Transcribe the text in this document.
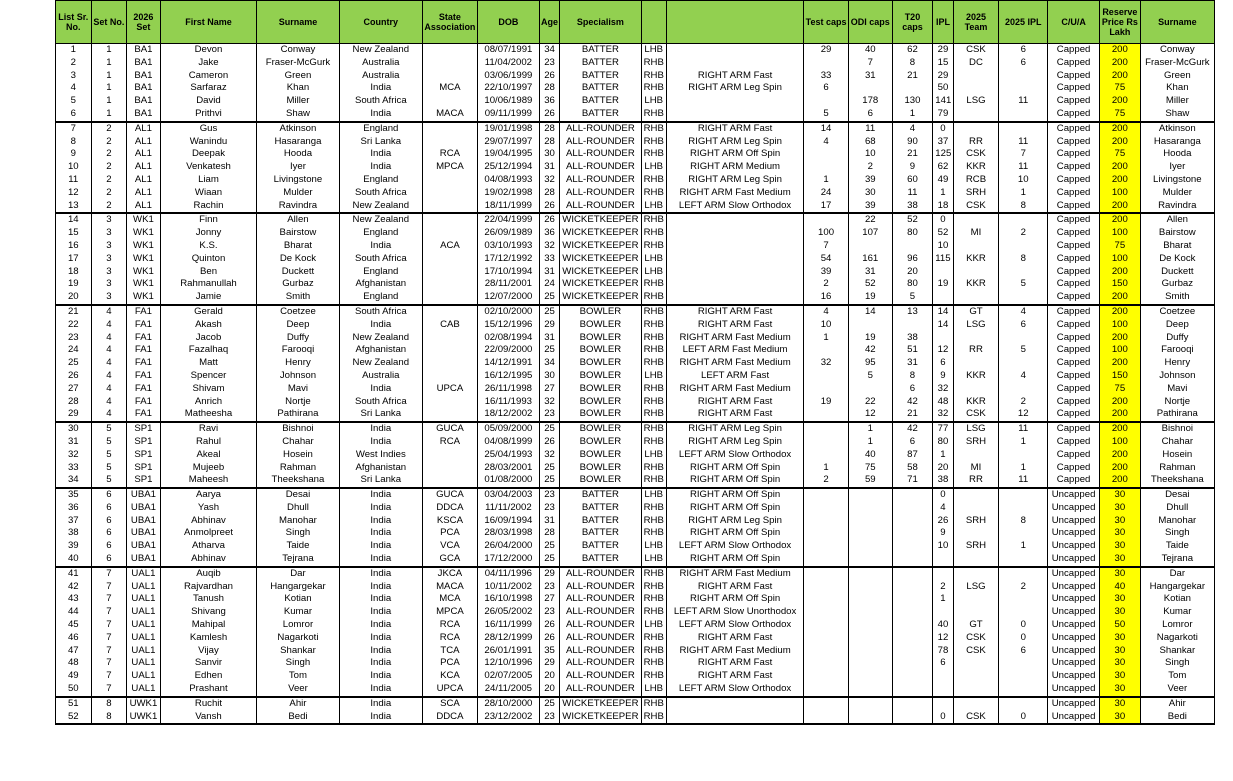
List Sr. No.	Set No.	2026 Set	First Name	Surname	Country	State Association	DOB	Age	Specialism			Test caps	ODI caps	T20 caps	IPL	2025 Team	2025 IPL	C/U/A	Reserve Price Rs Lakh	Surname
1	1	BA1	Devon	Conway	New Zealand		08/07/1991	34	BATTER	LHB		29	40	62	29	CSK	6	Capped	200	Conway
2	1	BA1	Jake	Fraser-McGurk	Australia		11/04/2002	23	BATTER	RHB			7	8	15	DC	6	Capped	200	Fraser-McGurk
3	1	BA1	Cameron	Green	Australia		03/06/1999	26	BATTER	RHB	RIGHT ARM Fast	33	31	21	29			Capped	200	Green
4	1	BA1	Sarfaraz	Khan	India	MCA	22/10/1997	28	BATTER	RHB	RIGHT ARM Leg Spin	6			50			Capped	75	Khan
5	1	BA1	David	Miller	South Africa		10/06/1989	36	BATTER	LHB			178	130	141	LSG	11	Capped	200	Miller
6	1	BA1	Prithvi	Shaw	India	MACA	09/11/1999	26	BATTER	RHB		5	6	1	79			Capped	75	Shaw
7	2	AL1	Gus	Atkinson	England		19/01/1998	28	ALL-ROUNDER	RHB	RIGHT ARM Fast	14	11	4	0			Capped	200	Atkinson
8	2	AL1	Wanindu	Hasaranga	Sri Lanka		29/07/1997	28	ALL-ROUNDER	RHB	RIGHT ARM Leg Spin	4	68	90	37	RR	11	Capped	200	Hasaranga
9	2	AL1	Deepak	Hooda	India	RCA	19/04/1995	30	ALL-ROUNDER	RHB	RIGHT ARM Off Spin		10	21	125	CSK	7	Capped	75	Hooda
10	2	AL1	Venkatesh	Iyer	India	MPCA	25/12/1994	31	ALL-ROUNDER	LHB	RIGHT ARM Medium		2	9	62	KKR	11	Capped	200	Iyer
11	2	AL1	Liam	Livingstone	England		04/08/1993	32	ALL-ROUNDER	RHB	RIGHT ARM Leg Spin	1	39	60	49	RCB	10	Capped	200	Livingstone
12	2	AL1	Wiaan	Mulder	South Africa		19/02/1998	28	ALL-ROUNDER	RHB	RIGHT ARM Fast Medium	24	30	11	1	SRH	1	Capped	100	Mulder
13	2	AL1	Rachin	Ravindra	New Zealand		18/11/1999	26	ALL-ROUNDER	LHB	LEFT ARM Slow Orthodox	17	39	38	18	CSK	8	Capped	200	Ravindra
14	3	WK1	Finn	Allen	New Zealand		22/04/1999	26	WICKETKEEPER	RHB			22	52	0			Capped	200	Allen
15	3	WK1	Jonny	Bairstow	England		26/09/1989	36	WICKETKEEPER	RHB		100	107	80	52	MI	2	Capped	100	Bairstow
16	3	WK1	K.S.	Bharat	India	ACA	03/10/1993	32	WICKETKEEPER	RHB		7			10			Capped	75	Bharat
17	3	WK1	Quinton	De Kock	South Africa		17/12/1992	33	WICKETKEEPER	LHB		54	161	96	115	KKR	8	Capped	100	De Kock
18	3	WK1	Ben	Duckett	England		17/10/1994	31	WICKETKEEPER	LHB		39	31	20				Capped	200	Duckett
19	3	WK1	Rahmanullah	Gurbaz	Afghanistan		28/11/2001	24	WICKETKEEPER	RHB		2	52	80	19	KKR	5	Capped	150	Gurbaz
20	3	WK1	Jamie	Smith	England		12/07/2000	25	WICKETKEEPER	RHB		16	19	5				Capped	200	Smith
21	4	FA1	Gerald	Coetzee	South Africa		02/10/2000	25	BOWLER	RHB	RIGHT ARM Fast	4	14	13	14	GT	4	Capped	200	Coetzee
22	4	FA1	Akash	Deep	India	CAB	15/12/1996	29	BOWLER	RHB	RIGHT ARM Fast	10			14	LSG	6	Capped	100	Deep
23	4	FA1	Jacob	Duffy	New Zealand		02/08/1994	31	BOWLER	RHB	RIGHT ARM Fast Medium	1	19	38				Capped	200	Duffy
24	4	FA1	Fazalhaq	Farooqi	Afghanistan		22/09/2000	25	BOWLER	RHB	LEFT ARM Fast Medium		42	51	12	RR	5	Capped	100	Farooqi
25	4	FA1	Matt	Henry	New Zealand		14/12/1991	34	BOWLER	RHB	RIGHT ARM Fast Medium	32	95	31	6			Capped	200	Henry
26	4	FA1	Spencer	Johnson	Australia		16/12/1995	30	BOWLER	LHB	LEFT ARM Fast		5	8	9	KKR	4	Capped	150	Johnson
27	4	FA1	Shivam	Mavi	India	UPCA	26/11/1998	27	BOWLER	RHB	RIGHT ARM Fast Medium			6	32			Capped	75	Mavi
28	4	FA1	Anrich	Nortje	South Africa		16/11/1993	32	BOWLER	RHB	RIGHT ARM Fast	19	22	42	48	KKR	2	Capped	200	Nortje
29	4	FA1	Matheesha	Pathirana	Sri Lanka		18/12/2002	23	BOWLER	RHB	RIGHT ARM Fast		12	21	32	CSK	12	Capped	200	Pathirana
30	5	SP1	Ravi	Bishnoi	India	GUCA	05/09/2000	25	BOWLER	RHB	RIGHT ARM Leg Spin		1	42	77	LSG	11	Capped	200	Bishnoi
31	5	SP1	Rahul	Chahar	India	RCA	04/08/1999	26	BOWLER	RHB	RIGHT ARM Leg Spin		1	6	80	SRH	1	Capped	100	Chahar
32	5	SP1	Akeal	Hosein	West Indies		25/04/1993	32	BOWLER	LHB	LEFT ARM Slow Orthodox		40	87	1			Capped	200	Hosein
33	5	SP1	Mujeeb	Rahman	Afghanistan		28/03/2001	25	BOWLER	RHB	RIGHT ARM Off Spin	1	75	58	20	MI	1	Capped	200	Rahman
34	5	SP1	Maheesh	Theekshana	Sri Lanka		01/08/2000	25	BOWLER	RHB	RIGHT ARM Off Spin	2	59	71	38	RR	11	Capped	200	Theekshana
35	6	UBA1	Aarya	Desai	India	GUCA	03/04/2003	23	BATTER	LHB	RIGHT ARM Off Spin				0			Uncapped	30	Desai
36	6	UBA1	Yash	Dhull	India	DDCA	11/11/2002	23	BATTER	RHB	RIGHT ARM Off Spin				4			Uncapped	30	Dhull
37	6	UBA1	Abhinav	Manohar	India	KSCA	16/09/1994	31	BATTER	RHB	RIGHT ARM Leg Spin				26	SRH	8	Uncapped	30	Manohar
38	6	UBA1	Anmolpreet	Singh	India	PCA	28/03/1998	28	BATTER	RHB	RIGHT ARM Off Spin				9			Uncapped	30	Singh
39	6	UBA1	Atharva	Taide	India	VCA	26/04/2000	25	BATTER	LHB	LEFT ARM Slow Orthodox				10	SRH	1	Uncapped	30	Taide
40	6	UBA1	Abhinav	Tejrana	India	GCA	17/12/2000	25	BATTER	LHB	RIGHT ARM Off Spin							Uncapped	30	Tejrana
41	7	UAL1	Auqib	Dar	India	JKCA	04/11/1996	29	ALL-ROUNDER	RHB	RIGHT ARM Fast Medium							Uncapped	30	Dar
42	7	UAL1	Rajvardhan	Hangargekar	India	MACA	10/11/2002	23	ALL-ROUNDER	RHB	RIGHT ARM Fast				2	LSG	2	Uncapped	40	Hangargekar
43	7	UAL1	Tanush	Kotian	India	MCA	16/10/1998	27	ALL-ROUNDER	RHB	RIGHT ARM Off Spin				1			Uncapped	30	Kotian
44	7	UAL1	Shivang	Kumar	India	MPCA	26/05/2002	23	ALL-ROUNDER	RHB	LEFT ARM Slow Unorthodox							Uncapped	30	Kumar
45	7	UAL1	Mahipal	Lomror	India	RCA	16/11/1999	26	ALL-ROUNDER	LHB	LEFT ARM Slow Orthodox				40	GT	0	Uncapped	50	Lomror
46	7	UAL1	Kamlesh	Nagarkoti	India	RCA	28/12/1999	26	ALL-ROUNDER	RHB	RIGHT ARM Fast				12	CSK	0	Uncapped	30	Nagarkoti
47	7	UAL1	Vijay	Shankar	India	TCA	26/01/1991	35	ALL-ROUNDER	RHB	RIGHT ARM Fast Medium				78	CSK	6	Uncapped	30	Shankar
48	7	UAL1	Sanvir	Singh	India	PCA	12/10/1996	29	ALL-ROUNDER	RHB	RIGHT ARM Fast				6			Uncapped	30	Singh
49	7	UAL1	Edhen	Tom	India	KCA	02/07/2005	20	ALL-ROUNDER	RHB	RIGHT ARM Fast							Uncapped	30	Tom
50	7	UAL1	Prashant	Veer	India	UPCA	24/11/2005	20	ALL-ROUNDER	LHB	LEFT ARM Slow Orthodox							Uncapped	30	Veer
51	8	UWK1	Ruchit	Ahir	India	SCA	28/10/2000	25	WICKETKEEPER	RHB								Uncapped	30	Ahir
52	8	UWK1	Vansh	Bedi	India	DDCA	23/12/2002	23	WICKETKEEPER	RHB					0	CSK	0	Uncapped	30	Bedi
